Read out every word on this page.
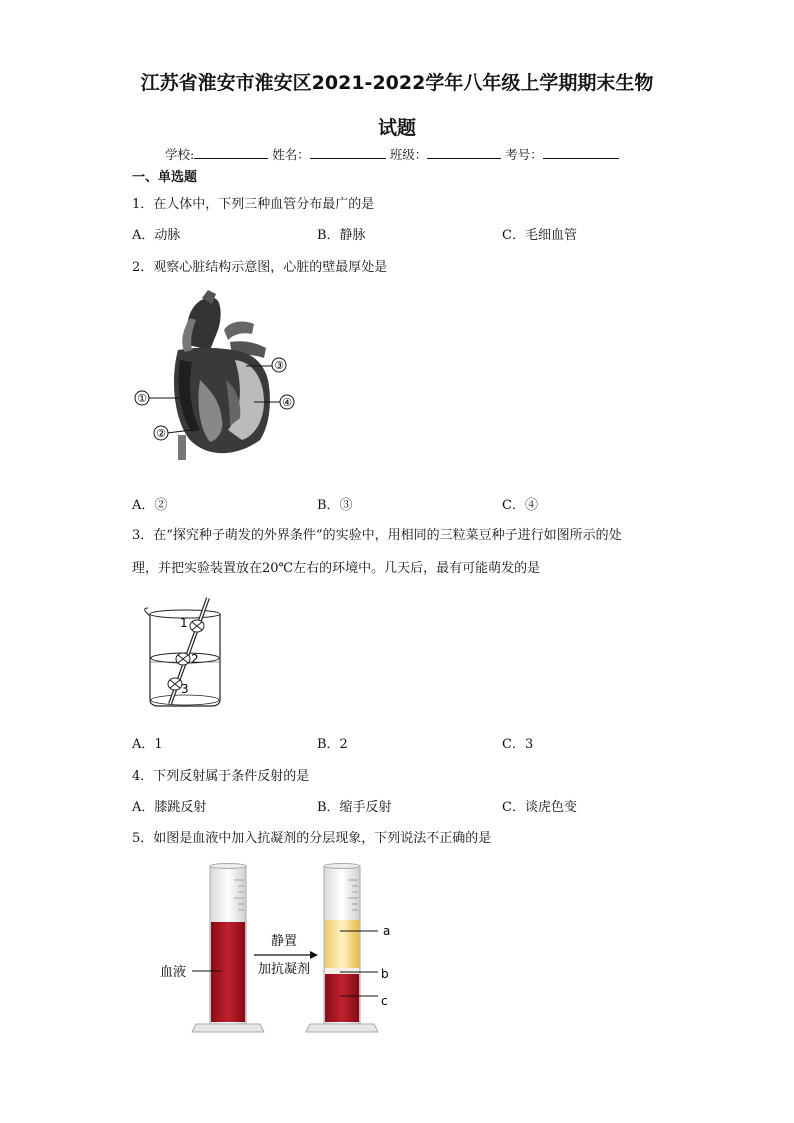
江苏省淮安市淮安区2021-2022学年八年级上学期期末生物
试题
学校:	姓名：	班级：	考号：
一、单选题
1．在人体中，下列三种血管分布最广的是
A．动脉	B．静脉	C．毛细血管
2．观察心脏结构示意图，心脏的壁最厚处是
①
②
③
④
A．②	B．③	C．④
3．在“探究种子萌发的外界条件”的实验中，用相同的三粒菜豆种子进行如图所示的处
理，并把实验装置放在20℃左右的环境中。几天后，最有可能萌发的是
1
2
3
A．1	B．2	C．3
4．下列反射属于条件反射的是
A．膝跳反射	B．缩手反射	C．谈虎色变
5．如图是血液中加入抗凝剂的分层现象，下列说法不正确的是
静置
加抗凝剂
血液
a
b
c
